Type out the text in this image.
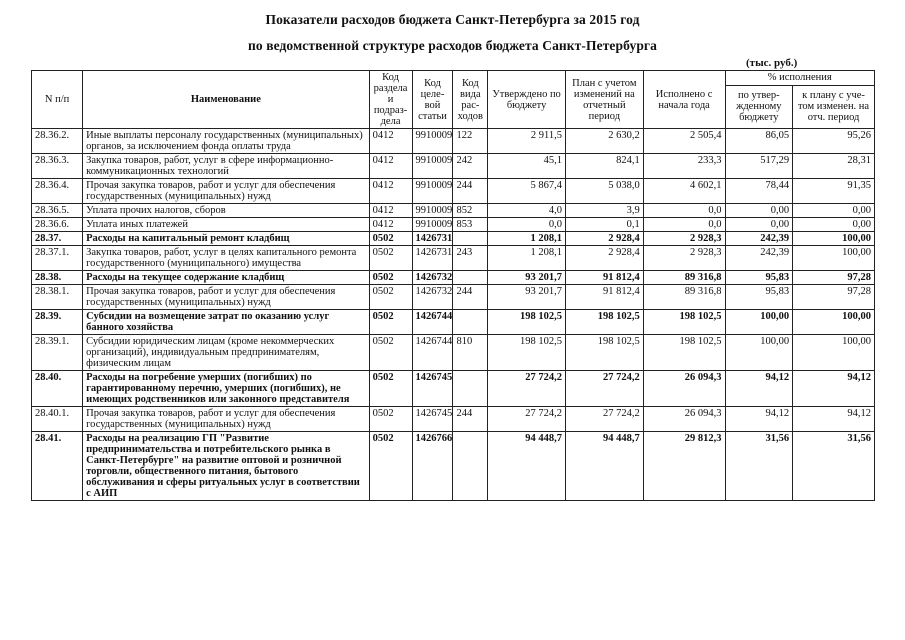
Показатели расходов бюджета Санкт-Петербурга за 2015 год
по ведомственной структуре расходов бюджета Санкт-Петербурга
(тыс. руб.)
N п/п	Наименование	Код раздела и подраз-дела	Код целе-вой статьи	Код вида рас-ходов	Утверждено по бюджету	План с учетом изменений на отчетный период	Исполнено с начала года	% исполнения	
								по утвер-жденному бюджету	к плану с уче-том изменен. на отч. период
28.36.2.	Иные выплаты персоналу государственных (муниципальных) органов, за исключением фонда оплаты труда	0412	9910009	122	2 911,5	2 630,2	2 505,4	86,05	95,26
28.36.3.	Закупка товаров, работ, услуг в сфере информационно-коммуникационных технологий	0412	9910009	242	45,1	824,1	233,3	517,29	28,31
28.36.4.	Прочая закупка товаров, работ и услуг для обеспечения государственных (муниципальных) нужд	0412	9910009	244	5 867,4	5 038,0	4 602,1	78,44	91,35
28.36.5.	Уплата прочих налогов, сборов	0412	9910009	852	4,0	3,9	0,0	0,00	0,00
28.36.6.	Уплата иных платежей	0412	9910009	853	0,0	0,1	0,0	0,00	0,00
28.37.	Расходы на капитальный ремонт кладбищ	0502	1426731		1 208,1	2 928,4	2 928,3	242,39	100,00
28.37.1.	Закупка товаров, работ, услуг в целях капитального ремонта государственного (муниципального) имущества	0502	1426731	243	1 208,1	2 928,4	2 928,3	242,39	100,00
28.38.	Расходы на текущее содержание кладбищ	0502	1426732		93 201,7	91 812,4	89 316,8	95,83	97,28
28.38.1.	Прочая закупка товаров, работ и услуг для обеспечения государственных (муниципальных) нужд	0502	1426732	244	93 201,7	91 812,4	89 316,8	95,83	97,28
28.39.	Субсидии на возмещение затрат по оказанию услуг банного хозяйства	0502	1426744		198 102,5	198 102,5	198 102,5	100,00	100,00
28.39.1.	Субсидии юридическим лицам (кроме некоммерческих организаций), индивидуальным предпринимателям, физическим лицам	0502	1426744	810	198 102,5	198 102,5	198 102,5	100,00	100,00
28.40.	Расходы на погребение умерших (погибших) по гарантированному перечню, умерших (погибших), не имеющих родственников или законного представителя	0502	1426745		27 724,2	27 724,2	26 094,3	94,12	94,12
28.40.1.	Прочая закупка товаров, работ и услуг для обеспечения государственных (муниципальных) нужд	0502	1426745	244	27 724,2	27 724,2	26 094,3	94,12	94,12
28.41.	Расходы на реализацию ГП "Развитие предпринимательства и потребительского рынка в Санкт-Петербурге" на развитие оптовой и розничной торговли, общественного питания, бытового обслуживания и сферы ритуальных услуг в соответствии с АИП	0502	1426766		94 448,7	94 448,7	29 812,3	31,56	31,56
